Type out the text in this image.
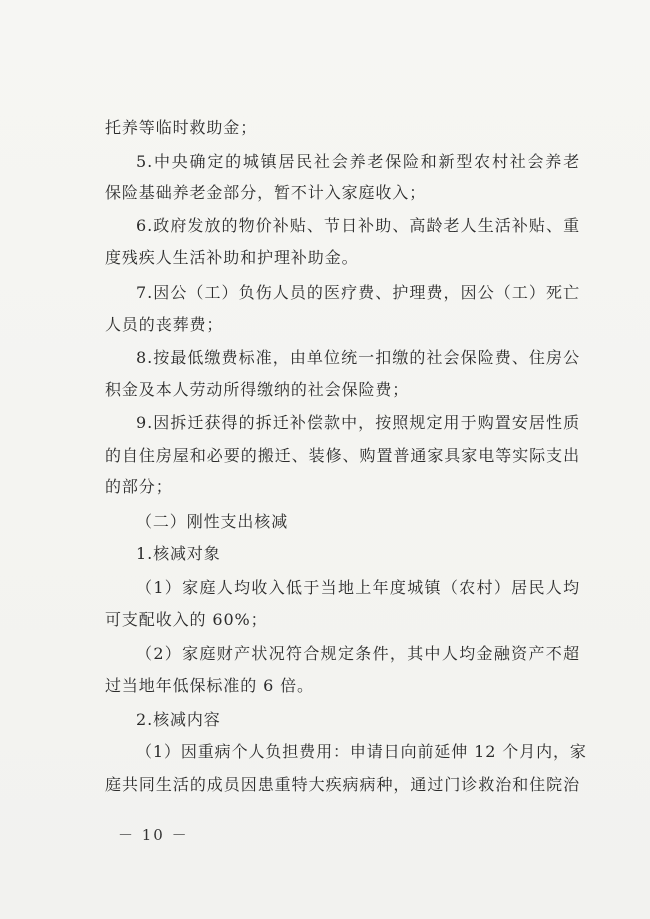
托养等临时救助金；
5.中央确定的城镇居民社会养老保险和新型农村社会养老
保险基础养老金部分，暂不计入家庭收入；
6.政府发放的物价补贴、节日补助、高龄老人生活补贴、重
度残疾人生活补助和护理补助金。
7.因公（工）负伤人员的医疗费、护理费，因公（工）死亡
人员的丧葬费；
8.按最低缴费标准，由单位统一扣缴的社会保险费、住房公
积金及本人劳动所得缴纳的社会保险费；
9.因拆迁获得的拆迁补偿款中，按照规定用于购置安居性质
的自住房屋和必要的搬迁、装修、购置普通家具家电等实际支出
的部分；
（二）刚性支出核减
1.核减对象
（1）家庭人均收入低于当地上年度城镇（农村）居民人均
可支配收入的 60%；
（2）家庭财产状况符合规定条件，其中人均金融资产不超
过当地年低保标准的 6 倍。
2.核减内容
（1）因重病个人负担费用：申请日向前延伸 12 个月内，家
庭共同生活的成员因患重特大疾病病种，通过门诊救治和住院治
－ 10 －
